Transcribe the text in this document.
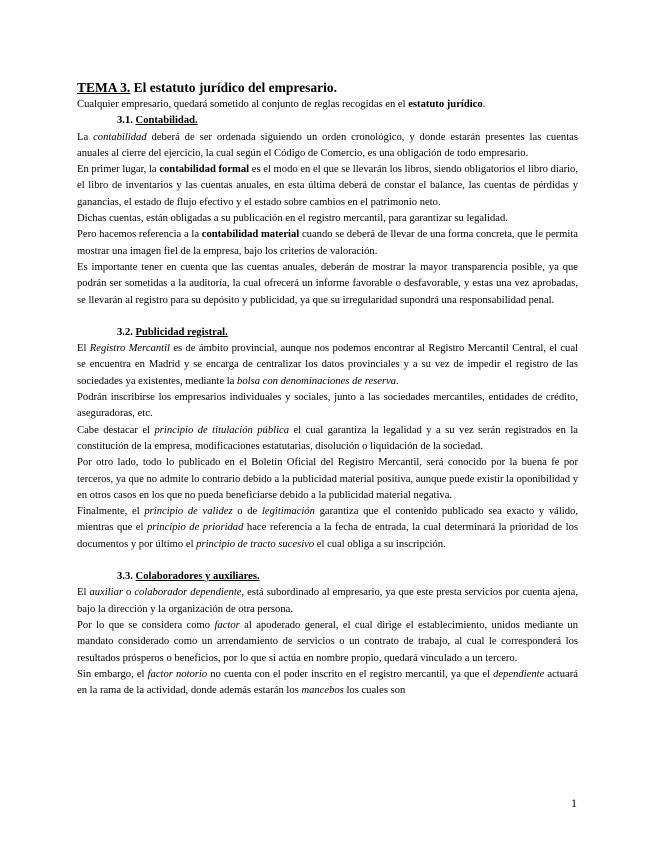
TEMA 3. El estatuto jurídico del empresario.

Cualquier empresario, quedará sometido al conjunto de reglas recogidas en el estatuto jurídico.

3.1. Contabilidad.

La contabilidad deberá de ser ordenada siguiendo un orden cronológico, y donde estarán presentes las cuentas anuales al cierre del ejercicio, la cual según el Código de Comercio, es una obligación de todo empresario.

En primer lugar, la contabilidad formal es el modo en el que se llevarán los libros, siendo obligatorios el libro diario, el libro de inventarios y las cuentas anuales, en esta última deberá de constar el balance, las cuentas de pérdidas y ganancias, el estado de flujo efectivo y el estado sobre cambios en el patrimonio neto.

Dichas cuentas, están obligadas a su publicación en el registro mercantil, para garantizar su legalidad.

Pero hacemos referencia a la contabilidad material cuando se deberá de llevar de una forma concreta, que le permita mostrar una imagen fiel de la empresa, bajo los criterios de valoración.

Es importante tener en cuenta que las cuentas anuales, deberán de mostrar la mayor transparencia posible, ya que podrán ser sometidas a la auditoría, la cual ofrecerá un informe favorable o desfavorable, y estas una vez aprobadas, se llevarán al registro para su depósito y publicidad, ya que su irregularidad supondrá una responsabilidad penal.

3.2. Publicidad registral.

El Registro Mercantil es de ámbito provincial, aunque nos podemos encontrar al Registro Mercantil Central, el cual se encuentra en Madrid y se encarga de centralizar los datos provinciales y a su vez de impedir el registro de las sociedades ya existentes, mediante la bolsa con denominaciones de reserva.

Podrán inscribirse los empresarios individuales y sociales, junto a las sociedades mercantiles, entidades de crédito, aseguradoras, etc.

Cabe destacar el principio de titulación pública el cual garantiza la legalidad y a su vez serán registrados en la constitución de la empresa, modificaciones estatutarias, disolución o liquidación de la sociedad.

Por otro lado, todo lo publicado en el Boletín Oficial del Registro Mercantil, será conocido por la buena fe por terceros, ya que no admite lo contrario debido a la publicidad material positiva, aunque puede existir la oponibilidad y en otros casos en los que no pueda beneficiarse debido a la publicidad material negativa.

Finalmente, el principio de validez o de legitimación garantiza que el contenido publicado sea exacto y válido, mientras que el principio de prioridad hace referencia a la fecha de entrada, la cual determinará la prioridad de los documentos y por último el principio de tracto sucesivo el cual obliga a su inscripción.

3.3. Colaboradores y auxiliares.

El auxiliar o colaborador dependiente, está subordinado al empresario, ya que este presta servicios por cuenta ajena, bajo la dirección y la organización de otra persona.

Por lo que se considera como factor al apoderado general, el cual dirige el establecimiento, unidos mediante un mandato considerado como un arrendamiento de servicios o un contrato de trabajo, al cual le corresponderá los resultados prósperos o beneficios, por lo que si actúa en nombre propio, quedará vinculado a un tercero.

Sin embargo, el factor notorio no cuenta con el poder inscrito en el registro mercantil, ya que el dependiente actuará en la rama de la actividad, donde además estarán los mancebos los cuales son

1
